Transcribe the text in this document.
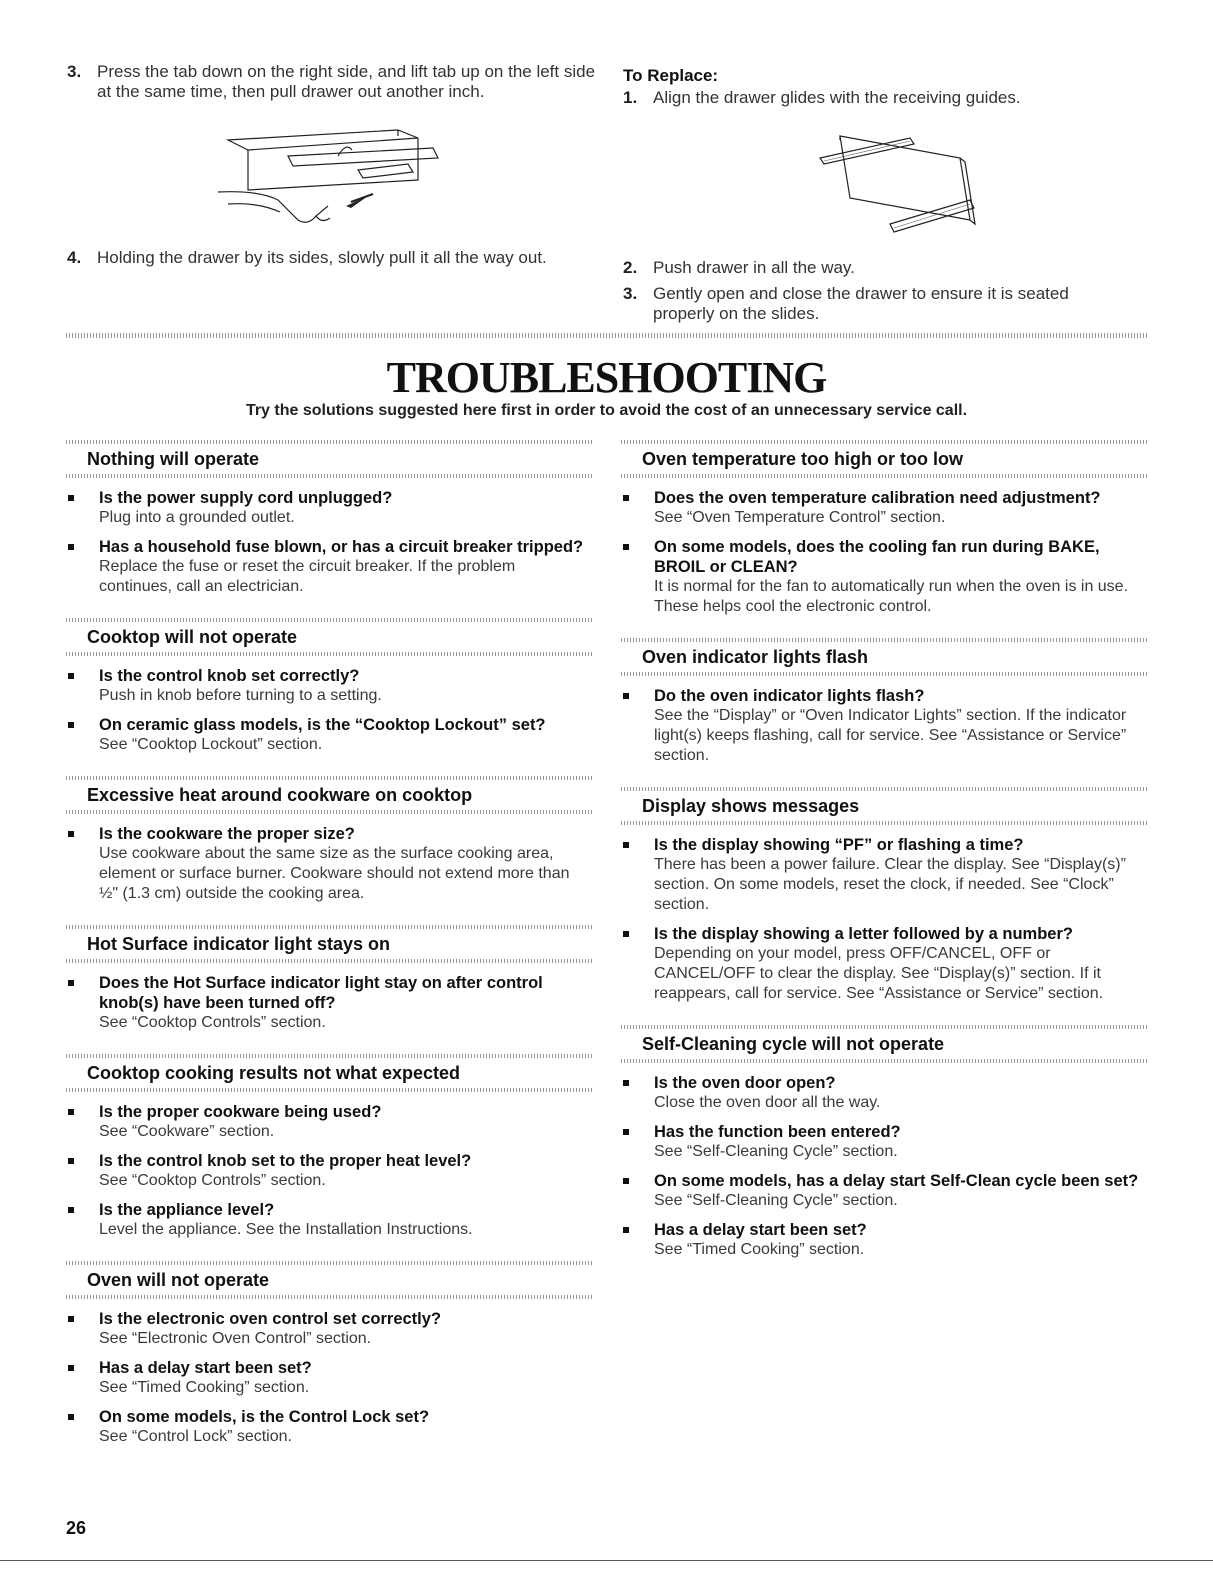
3. Press the tab down on the right side, and lift tab up on the left side at the same time, then pull drawer out another inch.
4. Holding the drawer by its sides, slowly pull it all the way out.
To Replace:
1. Align the drawer glides with the receiving guides.
2. Push drawer in all the way.
3. Gently open and close the drawer to ensure it is seated properly on the slides.
TROUBLESHOOTING
Try the solutions suggested here first in order to avoid the cost of an unnecessary service call.
Nothing will operate
Is the power supply cord unplugged?
Plug into a grounded outlet.
Has a household fuse blown, or has a circuit breaker tripped?
Replace the fuse or reset the circuit breaker. If the problem continues, call an electrician.
Cooktop will not operate
Is the control knob set correctly?
Push in knob before turning to a setting.
On ceramic glass models, is the “Cooktop Lockout” set?
See “Cooktop Lockout” section.
Excessive heat around cookware on cooktop
Is the cookware the proper size?
Use cookware about the same size as the surface cooking area, element or surface burner. Cookware should not extend more than ½" (1.3 cm) outside the cooking area.
Hot Surface indicator light stays on
Does the Hot Surface indicator light stay on after control knob(s) have been turned off?
See “Cooktop Controls” section.
Cooktop cooking results not what expected
Is the proper cookware being used?
See “Cookware” section.
Is the control knob set to the proper heat level?
See “Cooktop Controls” section.
Is the appliance level?
Level the appliance. See the Installation Instructions.
Oven will not operate
Is the electronic oven control set correctly?
See “Electronic Oven Control” section.
Has a delay start been set?
See “Timed Cooking” section.
On some models, is the Control Lock set?
See “Control Lock” section.
Oven temperature too high or too low
Does the oven temperature calibration need adjustment?
See “Oven Temperature Control” section.
On some models, does the cooling fan run during BAKE, BROIL or CLEAN?
It is normal for the fan to automatically run when the oven is in use. These helps cool the electronic control.
Oven indicator lights flash
Do the oven indicator lights flash?
See the “Display” or “Oven Indicator Lights” section. If the indicator light(s) keeps flashing, call for service. See “Assistance or Service” section.
Display shows messages
Is the display showing “PF” or flashing a time?
There has been a power failure. Clear the display. See “Display(s)” section. On some models, reset the clock, if needed. See “Clock” section.
Is the display showing a letter followed by a number?
Depending on your model, press OFF/CANCEL, OFF or CANCEL/OFF to clear the display. See “Display(s)” section. If it reappears, call for service. See “Assistance or Service” section.
Self-Cleaning cycle will not operate
Is the oven door open?
Close the oven door all the way.
Has the function been entered?
See “Self-Cleaning Cycle” section.
On some models, has a delay start Self-Clean cycle been set?
See “Self-Cleaning Cycle” section.
Has a delay start been set?
See “Timed Cooking” section.
26
